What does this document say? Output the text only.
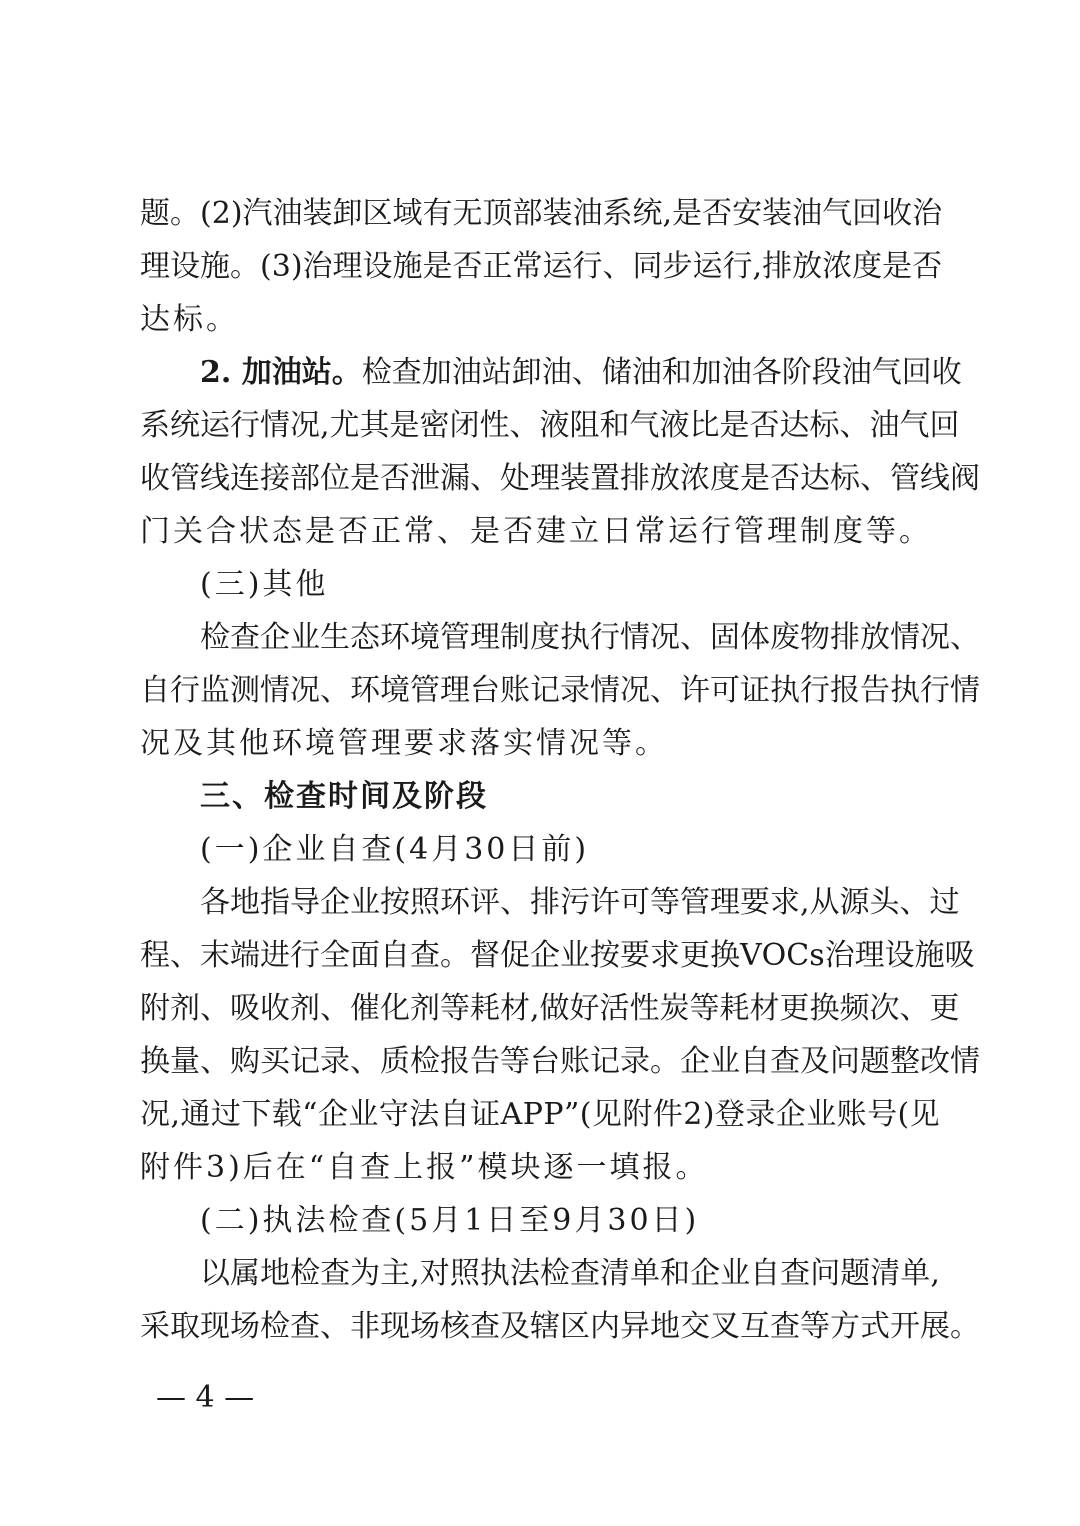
题 。 ( 2 ) 汽 油 装 卸 区 域 有 无 顶 部 装 油 系 统 , 是 否 安 装 油 气 回 收 治
理 设 施 。 ( 3 ) 治 理 设 施 是 否 正 常 运 行 、 同 步 运 行 , 排 放 浓 度 是 否
达标。
2. 加油站。 检查加油站卸油、储油和加油各阶段油气回收
系 统 运 行 情 况 , 尤 其 是 密 闭 性 、 液 阻 和 气 液 比 是 否 达 标 、 油 气 回
收 管 线 连 接 部 位 是 否 泄 漏 、 处 理 装 置 排 放 浓 度 是 否 达 标 、 管 线 阀
门关合状态是否正常、是否建立日常运行管理制度等。
(三)其他
检 查 企 业 生 态 环 境 管 理 制 度 执 行 情 况 、 固 体 废 物 排 放 情 况 、
自 行 监 测 情 况 、 环 境 管 理 台 账 记 录 情 况 、 许 可 证 执 行 报 告 执 行 情
况及其他环境管理要求落实情况等。
三、检查时间及阶段
(一)企业自查(4月30日前)
各 地 指 导 企 业 按 照 环 评 、 排 污 许 可 等 管 理 要 求 , 从 源 头 、 过
程 、 末 端 进 行 全 面 自 查 。 督 促 企 业 按 要 求 更 换 V O C s 治 理 设 施 吸
附 剂 、 吸 收 剂 、 催 化 剂 等 耗 材 , 做 好 活 性 炭 等 耗 材 更 换 频 次 、 更
换 量 、 购 买 记 录 、 质 检 报 告 等 台 账 记 录 。 企 业 自 查 及 问 题 整 改 情
况 , 通 过 下 载 “ 企 业 守 法 自 证 A P P ” ( 见 附 件 2 ) 登 录 企 业 账 号 ( 见
附件3)后在“自查上报”模块逐一填报。
(二)执法检查(5月1日至9月30日)
以 属 地 检 查 为 主 , 对 照 执 法 检 查 清 单 和 企 业 自 查 问 题 清 单 ,
采 取 现 场 检 查 、 非 现 场 核 查 及 辖 区 内 异 地 交 叉 互 查 等 方 式 开 展 。
— 4 —
